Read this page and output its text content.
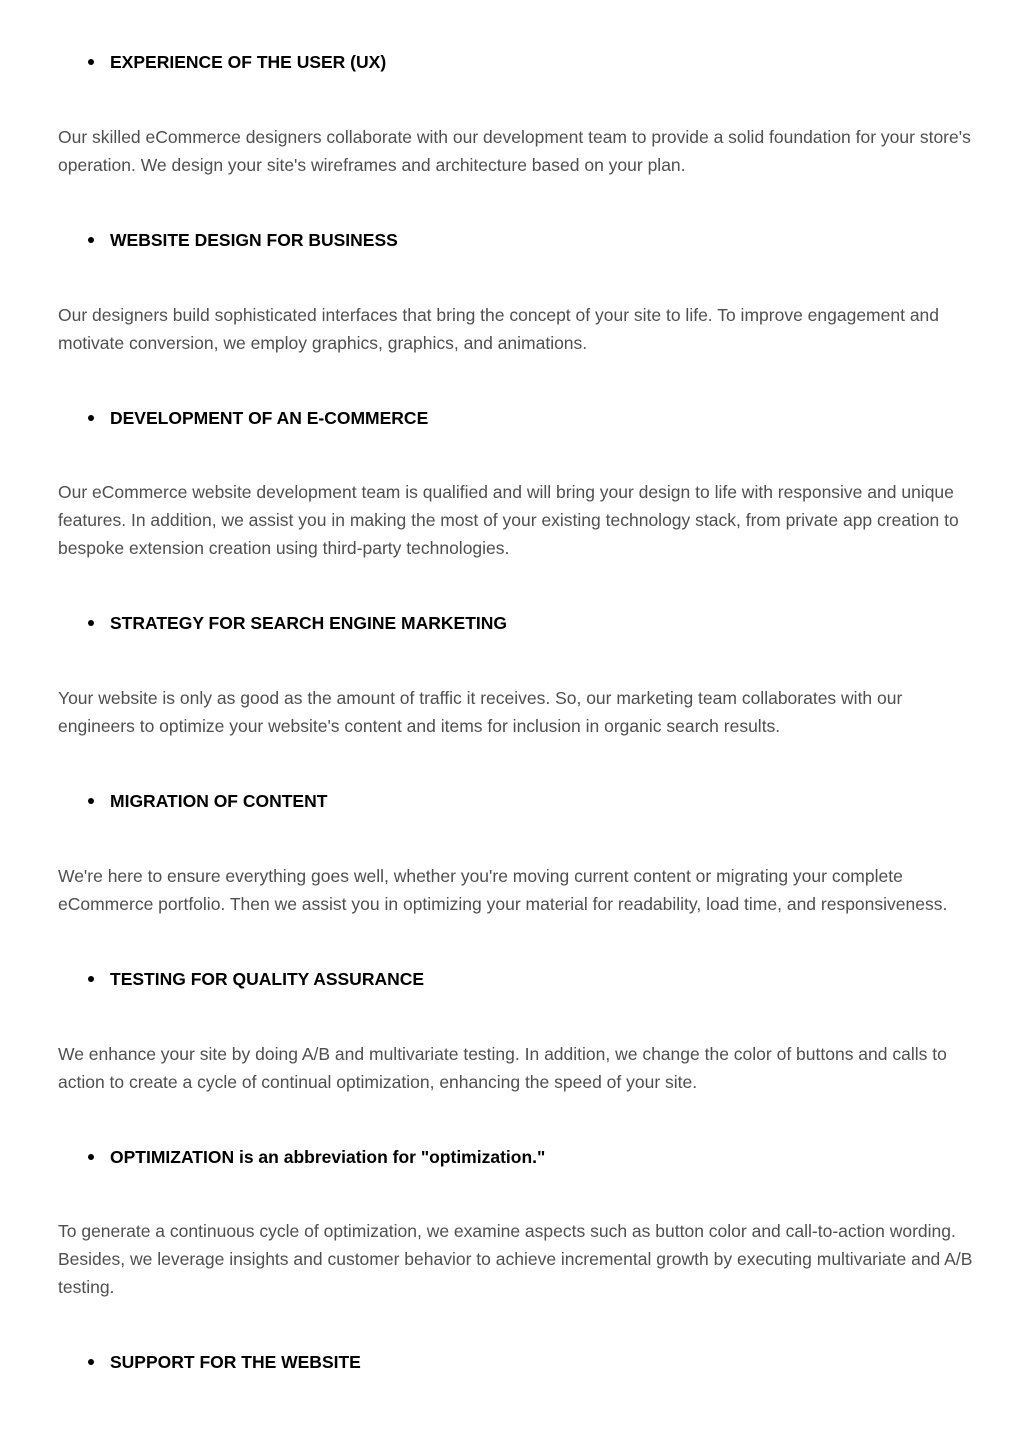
EXPERIENCE OF THE USER (UX)

Our skilled eCommerce designers collaborate with our development team to provide a solid foundation for your store's operation. We design your site's wireframes and architecture based on your plan.

WEBSITE DESIGN FOR BUSINESS

Our designers build sophisticated interfaces that bring the concept of your site to life. To improve engagement and motivate conversion, we employ graphics, graphics, and animations.

DEVELOPMENT OF AN E-COMMERCE

Our eCommerce website development team is qualified and will bring your design to life with responsive and unique features. In addition, we assist you in making the most of your existing technology stack, from private app creation to bespoke extension creation using third-party technologies.

STRATEGY FOR SEARCH ENGINE MARKETING

Your website is only as good as the amount of traffic it receives. So, our marketing team collaborates with our engineers to optimize your website's content and items for inclusion in organic search results.

MIGRATION OF CONTENT

We're here to ensure everything goes well, whether you're moving current content or migrating your complete eCommerce portfolio. Then we assist you in optimizing your material for readability, load time, and responsiveness.

TESTING FOR QUALITY ASSURANCE

We enhance your site by doing A/B and multivariate testing. In addition, we change the color of buttons and calls to action to create a cycle of continual optimization, enhancing the speed of your site.

OPTIMIZATION is an abbreviation for "optimization."

To generate a continuous cycle of optimization, we examine aspects such as button color and call-to-action wording. Besides, we leverage insights and customer behavior to achieve incremental growth by executing multivariate and A/B testing.

SUPPORT FOR THE WEBSITE
